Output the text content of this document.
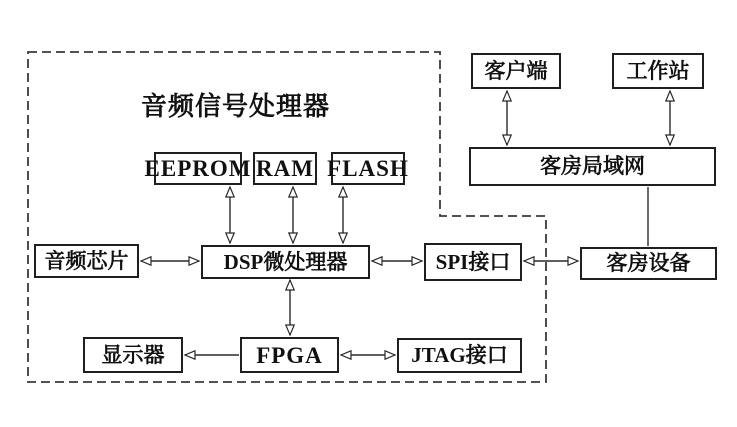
音频信号处理器
EEPROM RAM FLASH
音频芯片	DSP微处理器	SPI接口
显示器	FPGA	JTAG接口
客户端	工作站
客房局域网
客房设备
